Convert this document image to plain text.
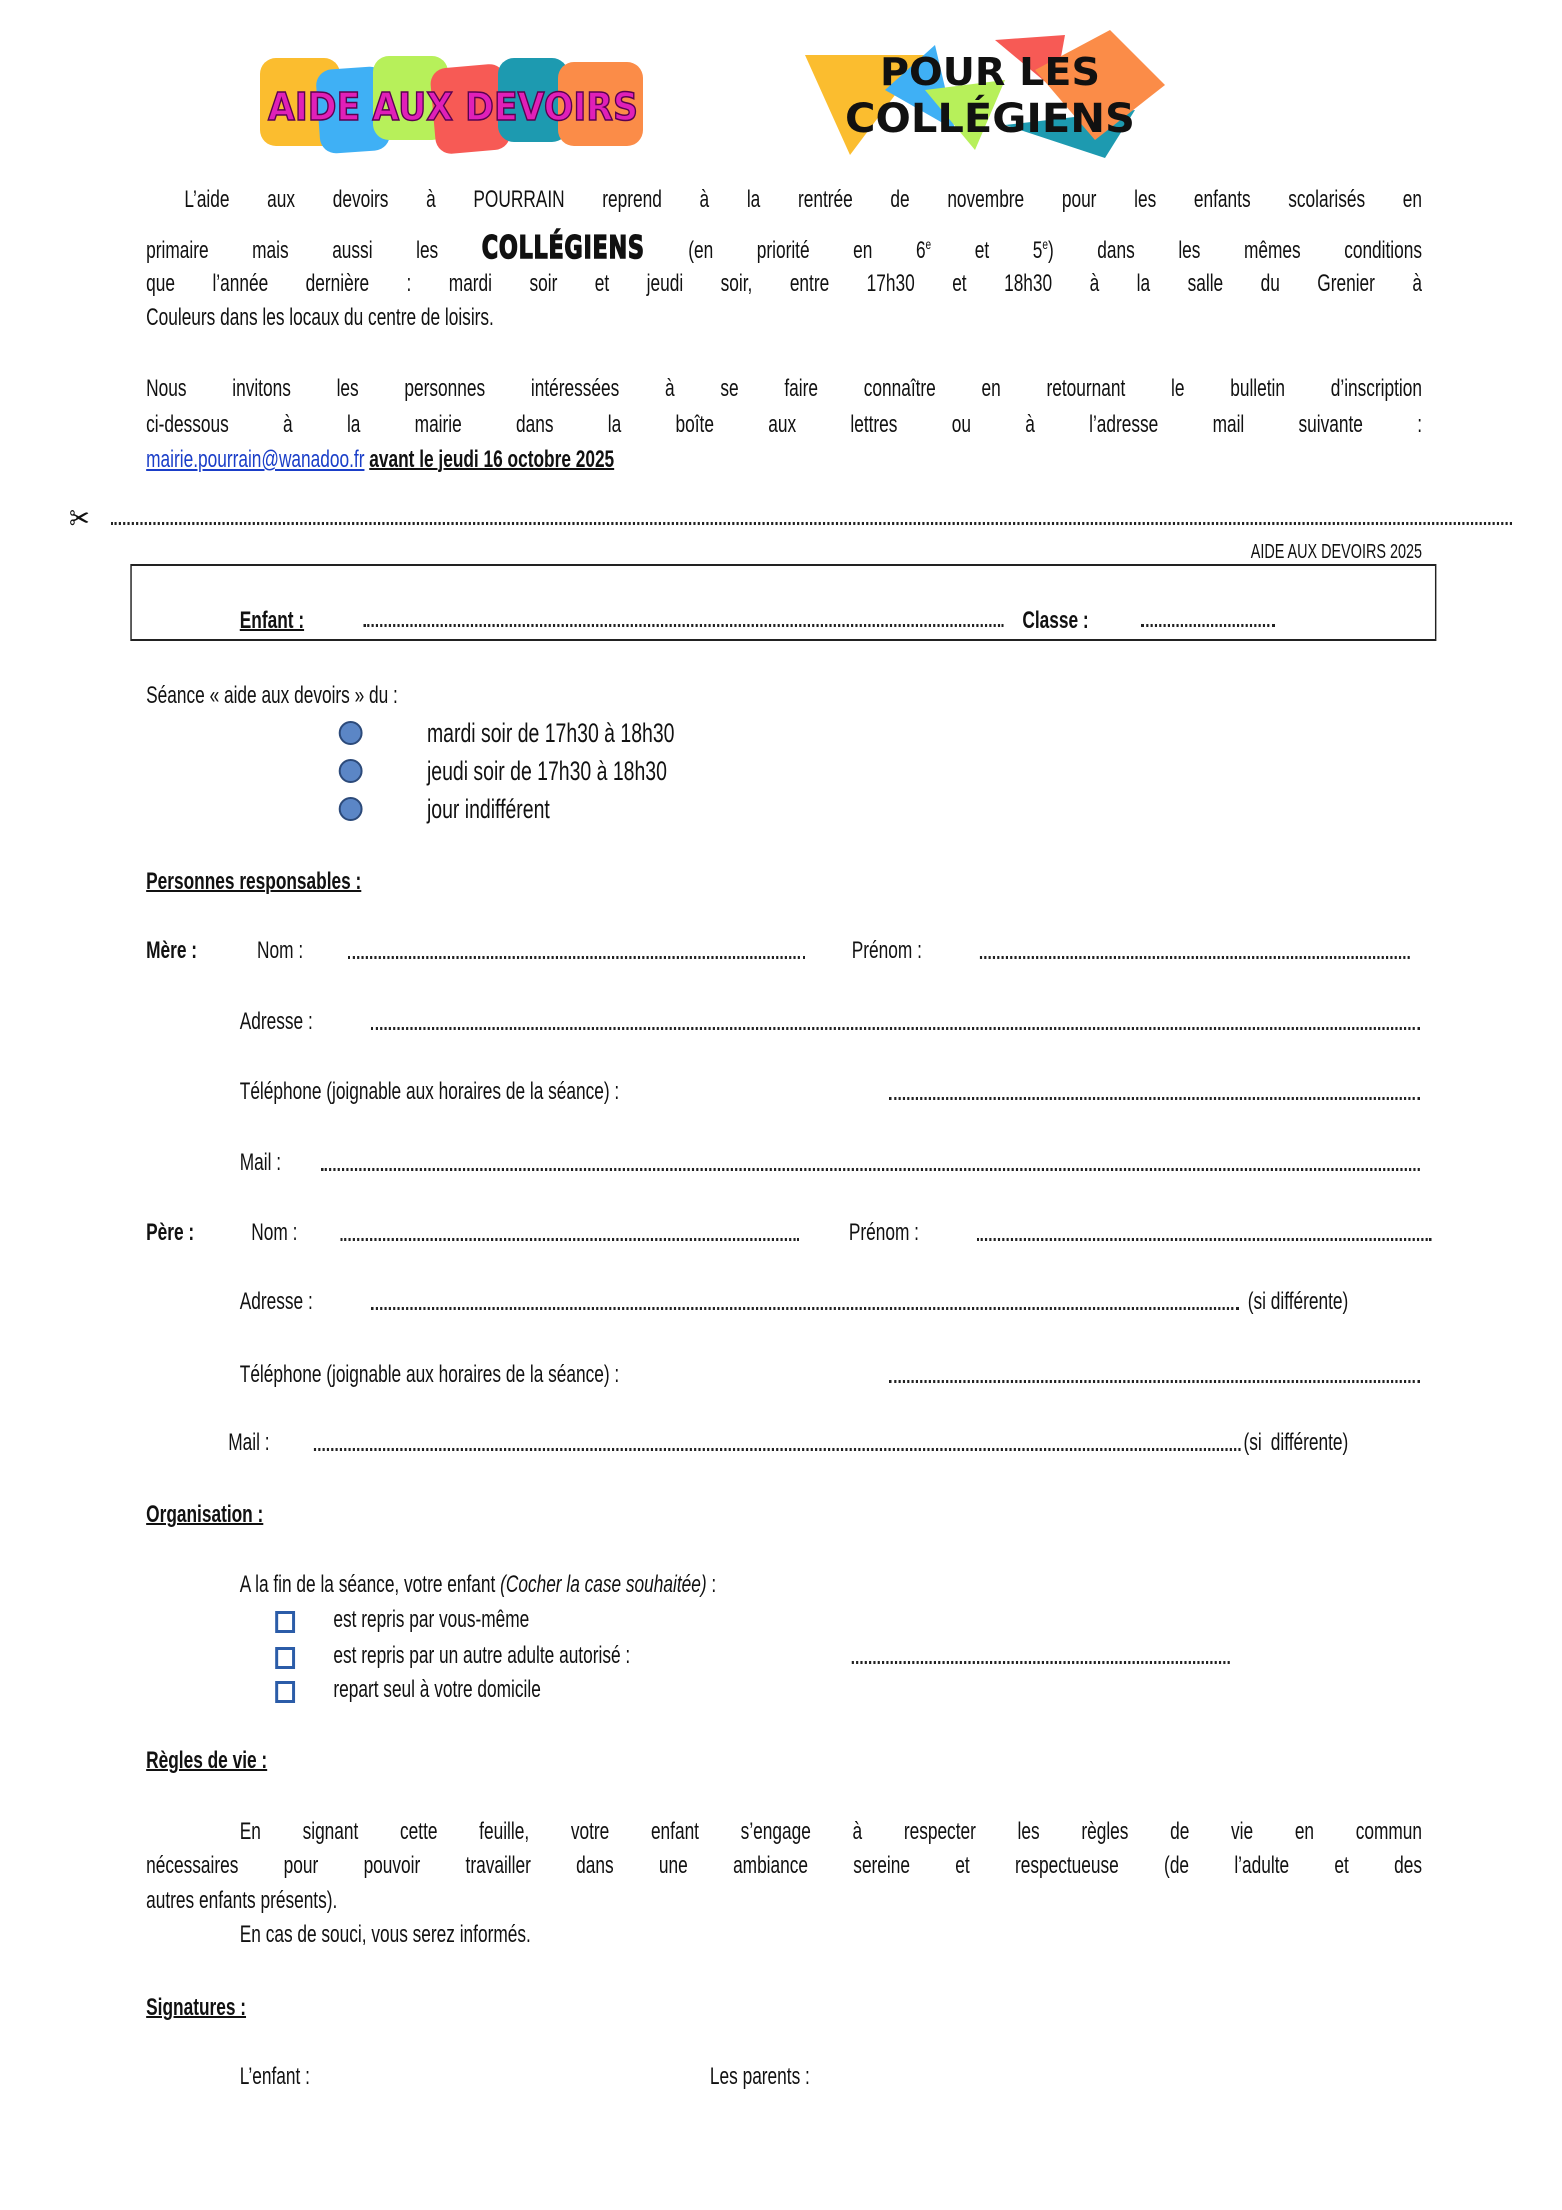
AIDE AUX DEVOIRS
POUR LES
COLLÉGIENS
L’aide aux devoirs à POURRAIN reprend à la rentrée de novembre pour les enfants scolarisés en
primaire mais aussi les COLLÉGIENS (en priorité en 6e et 5e) dans les mêmes conditions
que l’année dernière : mardi soir et jeudi soir, entre 17h30 et 18h30 à la salle du Grenier à
Couleurs dans les locaux du centre de loisirs.
Nous invitons les personnes intéressées à se faire connaître en retournant le bulletin d’inscription
ci-dessous à la mairie dans la boîte aux lettres ou à l’adresse mail suivante :
mairie.pourrain@wanadoo.fr avant le jeudi 16 octobre 2025
✂
AIDE AUX DEVOIRS 2025
Enfant :	Classe :
Séance « aide aux devoirs » du :
mardi soir de 17h30 à 18h30
jeudi soir de 17h30 à 18h30
jour indifférent
Personnes responsables :
Mère : Nom :	Prénom :
Adresse :
Téléphone (joignable aux horaires de la séance) :
Mail :
Père : Nom :	Prénom :
Adresse :	(si différente)
Téléphone (joignable aux horaires de la séance) :
Mail :	(si différente)
Organisation :
A la fin de la séance, votre enfant (Cocher la case souhaitée) :
est repris par vous-même
est repris par un autre adulte autorisé :
repart seul à votre domicile
Règles de vie :
En signant cette feuille, votre enfant s’engage à respecter les règles de vie en commun
nécessaires pour pouvoir travailler dans une ambiance sereine et respectueuse (de l’adulte et des
autres enfants présents).
En cas de souci, vous serez informés.
Signatures :
L’enfant :	Les parents :
